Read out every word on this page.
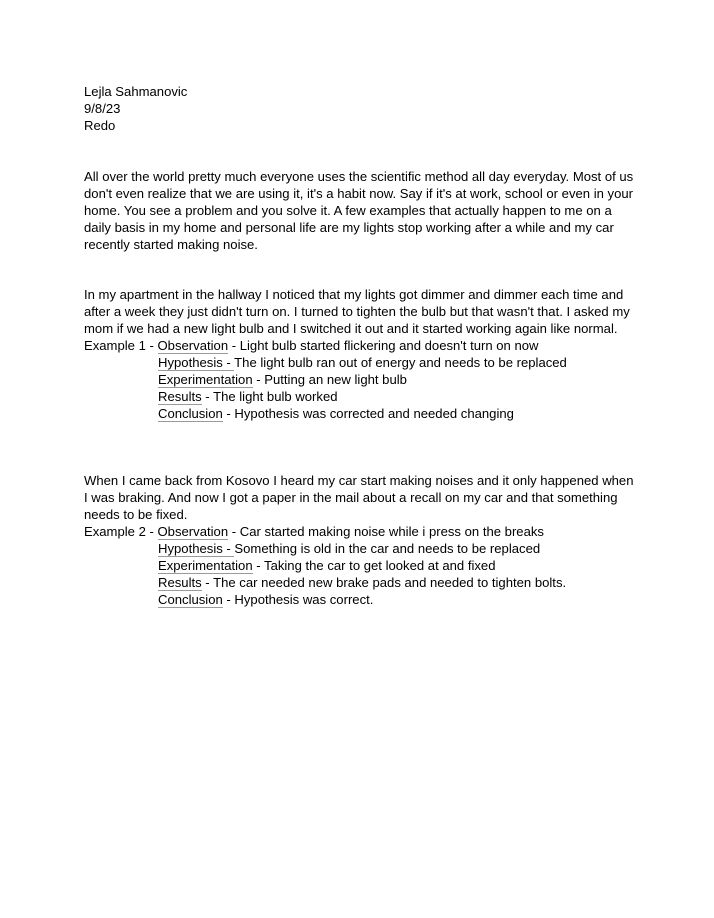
Lejla Sahmanovic
9/8/23
Redo

All over the world pretty much everyone uses the scientific method all day everyday. Most of us don't even realize that we are using it, it's a habit now. Say if it's at work, school or even in your home. You see a problem and you solve it. A few examples that actually happen to me on a daily basis in my home and personal life are my lights stop working after a while and my car recently started making noise.

In my apartment in the hallway I noticed that my lights got dimmer and dimmer each time and after a week they just didn't turn on. I turned to tighten the bulb but that wasn't that. I asked my mom if we had a new light bulb and I switched it out and it started working again like normal.

Example 1 - Observation - Light bulb started flickering and doesn't turn on now
Hypothesis - The light bulb ran out of energy and needs to be replaced
Experimentation - Putting an new light bulb
Results - The light bulb worked
Conclusion - Hypothesis was corrected and needed changing

When I came back from Kosovo I heard my car start making noises and it only happened when I was braking. And now I got a paper in the mail about a recall on my car and that something needs to be fixed.

Example 2 - Observation - Car started making noise while i press on the breaks
Hypothesis - Something is old in the car and needs to be replaced
Experimentation - Taking the car to get looked at and fixed
Results - The car needed new brake pads and needed to tighten bolts.
Conclusion - Hypothesis was correct.
